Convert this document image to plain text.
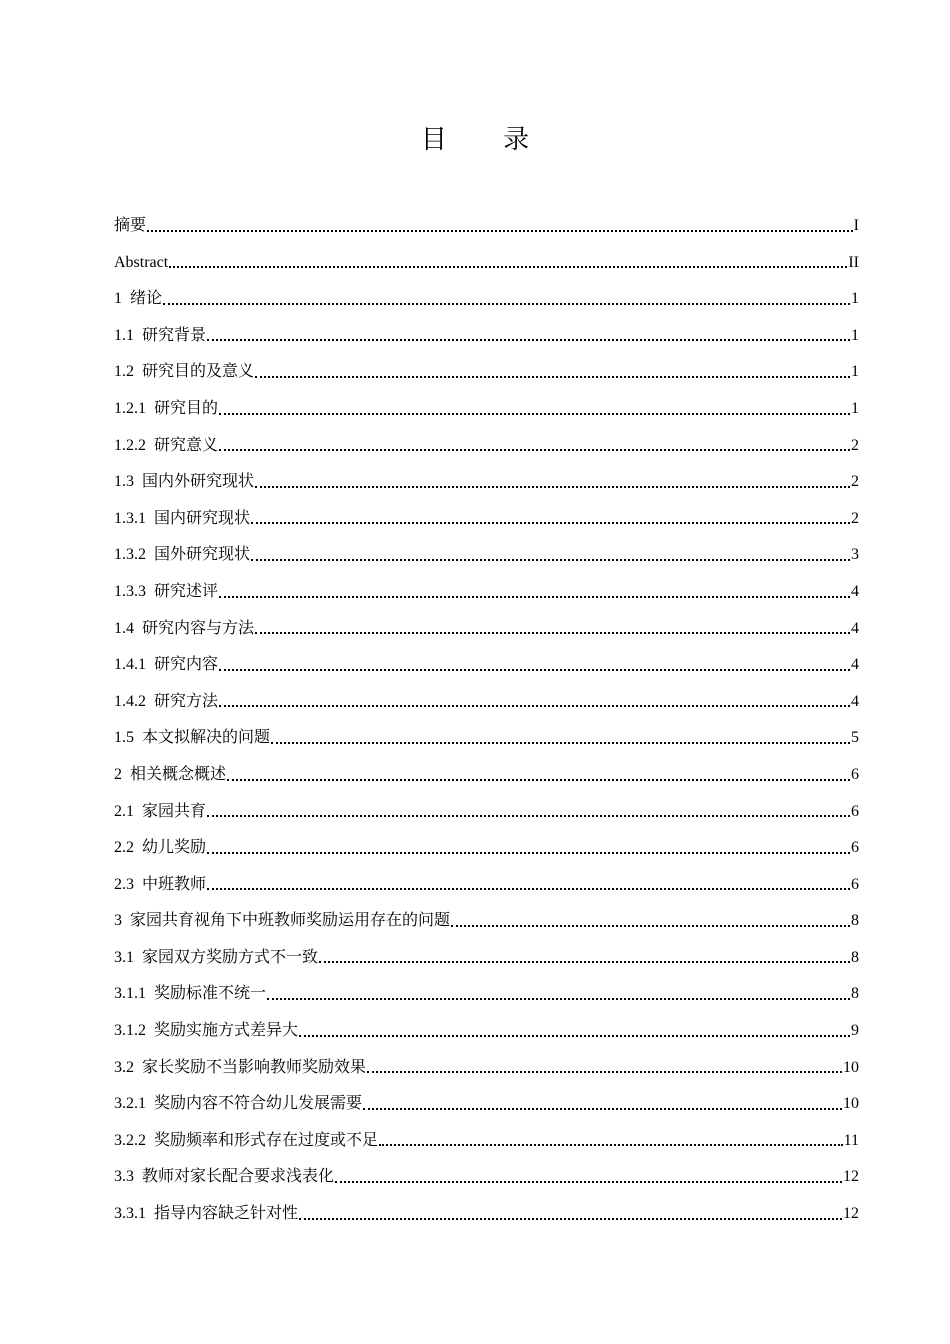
目 录
摘要	I
Abstract	II
1 绪论	1
1.1 研究背景	1
1.2 研究目的及意义	1
1.2.1 研究目的	1
1.2.2 研究意义	2
1.3 国内外研究现状	2
1.3.1 国内研究现状	2
1.3.2 国外研究现状	3
1.3.3 研究述评	4
1.4 研究内容与方法	4
1.4.1 研究内容	4
1.4.2 研究方法	4
1.5 本文拟解决的问题	5
2 相关概念概述	6
2.1 家园共育	6
2.2 幼儿奖励	6
2.3 中班教师	6
3 家园共育视角下中班教师奖励运用存在的问题	8
3.1 家园双方奖励方式不一致	8
3.1.1 奖励标准不统一	8
3.1.2 奖励实施方式差异大	9
3.2 家长奖励不当影响教师奖励效果	10
3.2.1 奖励内容不符合幼儿发展需要	10
3.2.2 奖励频率和形式存在过度或不足	11
3.3 教师对家长配合要求浅表化	12
3.3.1 指导内容缺乏针对性	12
